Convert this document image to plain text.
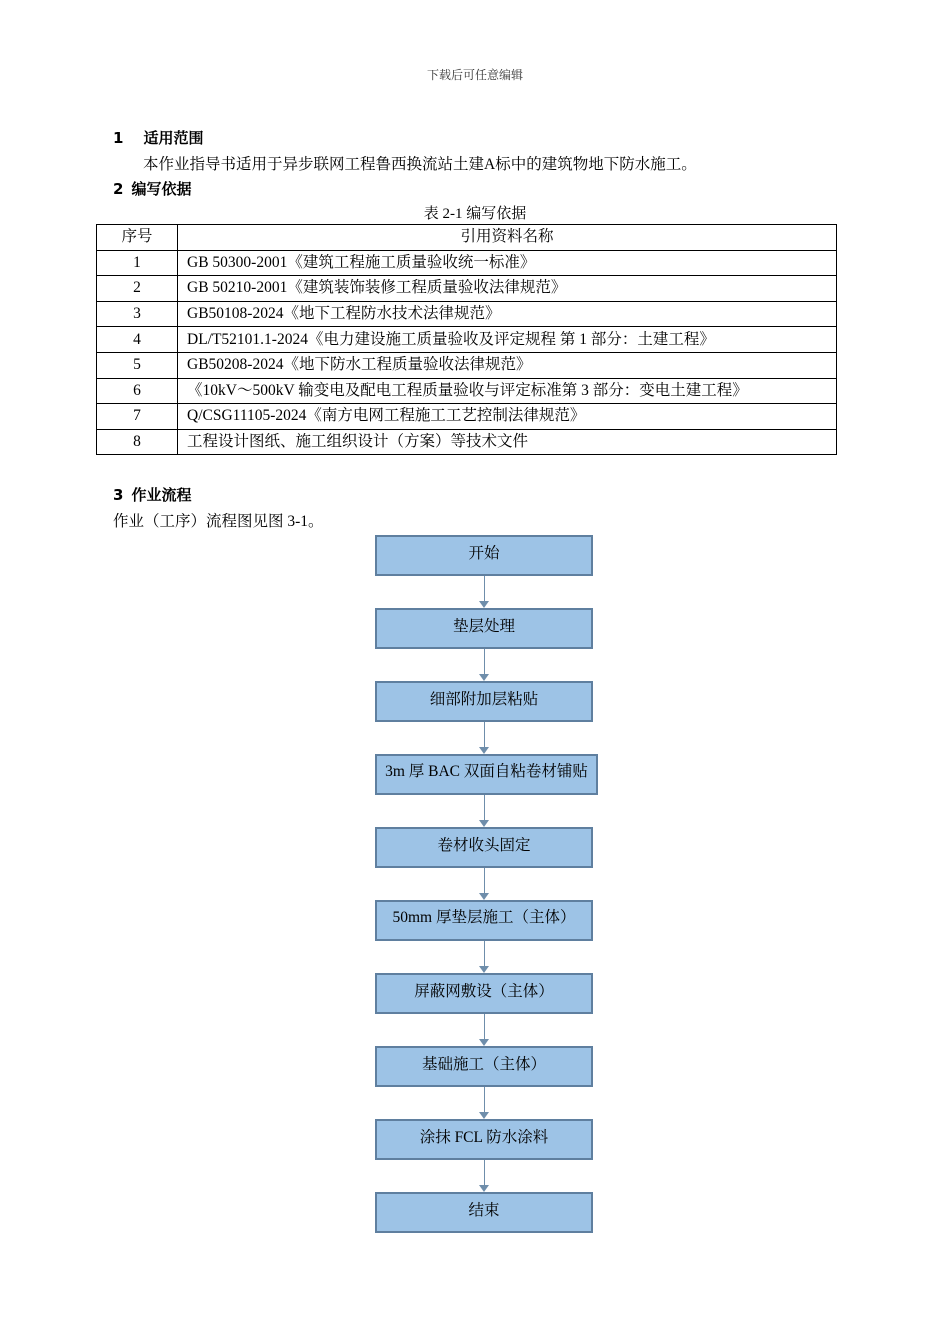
下载后可任意编辑
1 适用范围
本作业指导书适用于异步联网工程鲁西换流站土建A标中的建筑物地下防水施工。
2 编写依据
表 2-1 编写依据
序号	引用资料名称
1	GB 50300-2001《建筑工程施工质量验收统一标准》
2	GB 50210-2001《建筑装饰装修工程质量验收法律规范》
3	GB50108-2024《地下工程防水技术法律规范》
4	DL/T52101.1-2024《电力建设施工质量验收及评定规程 第 1 部分：土建工程》
5	GB50208-2024《地下防水工程质量验收法律规范》
6	《10kV～500kV 输变电及配电工程质量验收与评定标准第 3 部分：变电土建工程》
7	Q/CSG11105-2024《南方电网工程施工工艺控制法律规范》
8	工程设计图纸、施工组织设计（方案）等技术文件
3 作业流程
作业（工序）流程图见图 3-1。
开始
垫层处理
细部附加层粘贴
3m 厚 BAC 双面自粘卷材铺贴
卷材收头固定
50mm 厚垫层施工（主体）
屏蔽网敷设（主体）
基础施工（主体）
涂抹 FCL 防水涂料
结束
